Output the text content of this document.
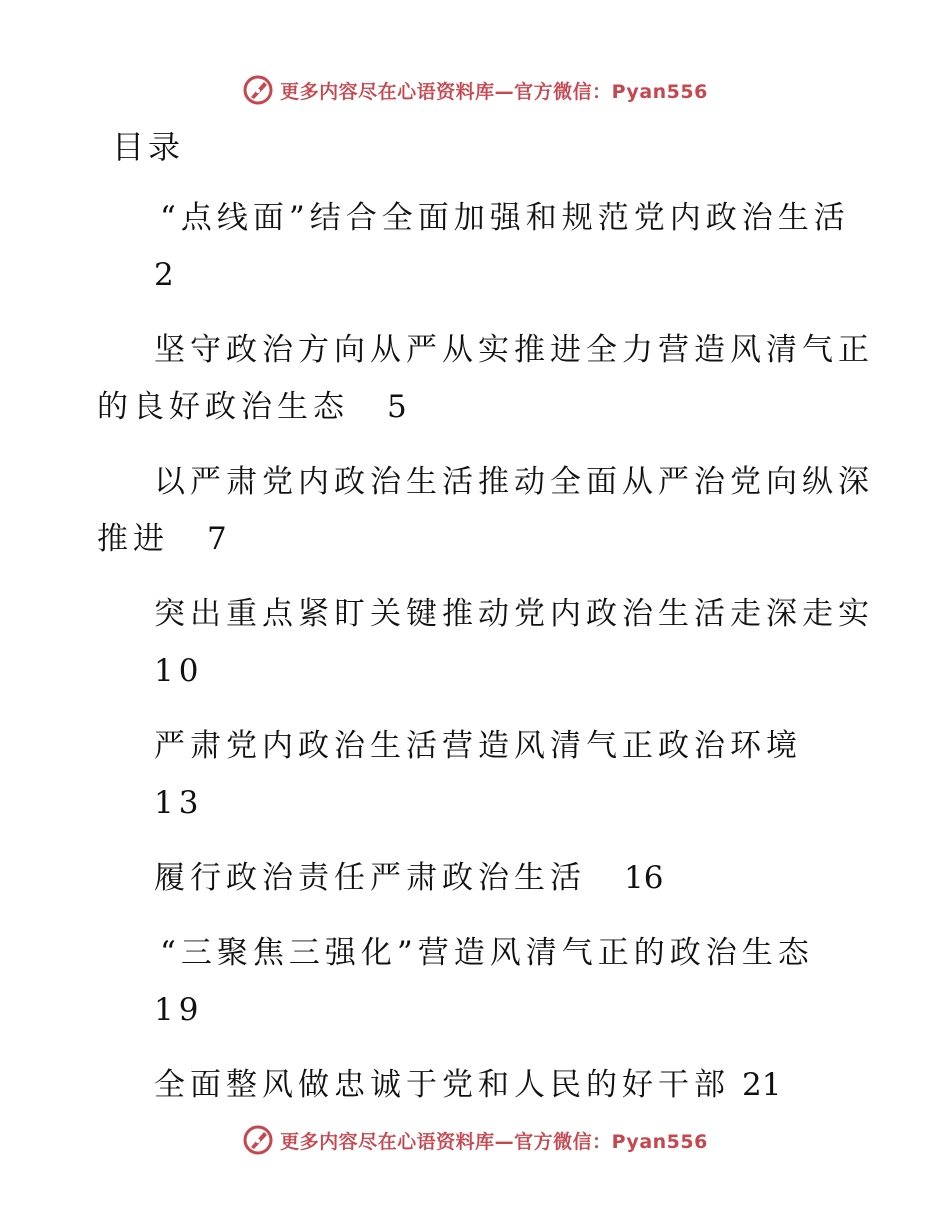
更多内容尽在心语资料库—官方微信：Pyan556
目录
“点线面”结合全面加强和规范党内政治生活
2
坚守政治方向从严从实推进全力营造风清气正
的良好政治生态 5
以严肃党内政治生活推动全面从严治党向纵深
推进 7
突出重点紧盯关键推动党内政治生活走深走实
10
严肃党内政治生活营造风清气正政治环境
13
履行政治责任严肃政治生活 16
“三聚焦三强化”营造风清气正的政治生态
19
全面整风做忠诚于党和人民的好干部 21
更多内容尽在心语资料库—官方微信：Pyan556
